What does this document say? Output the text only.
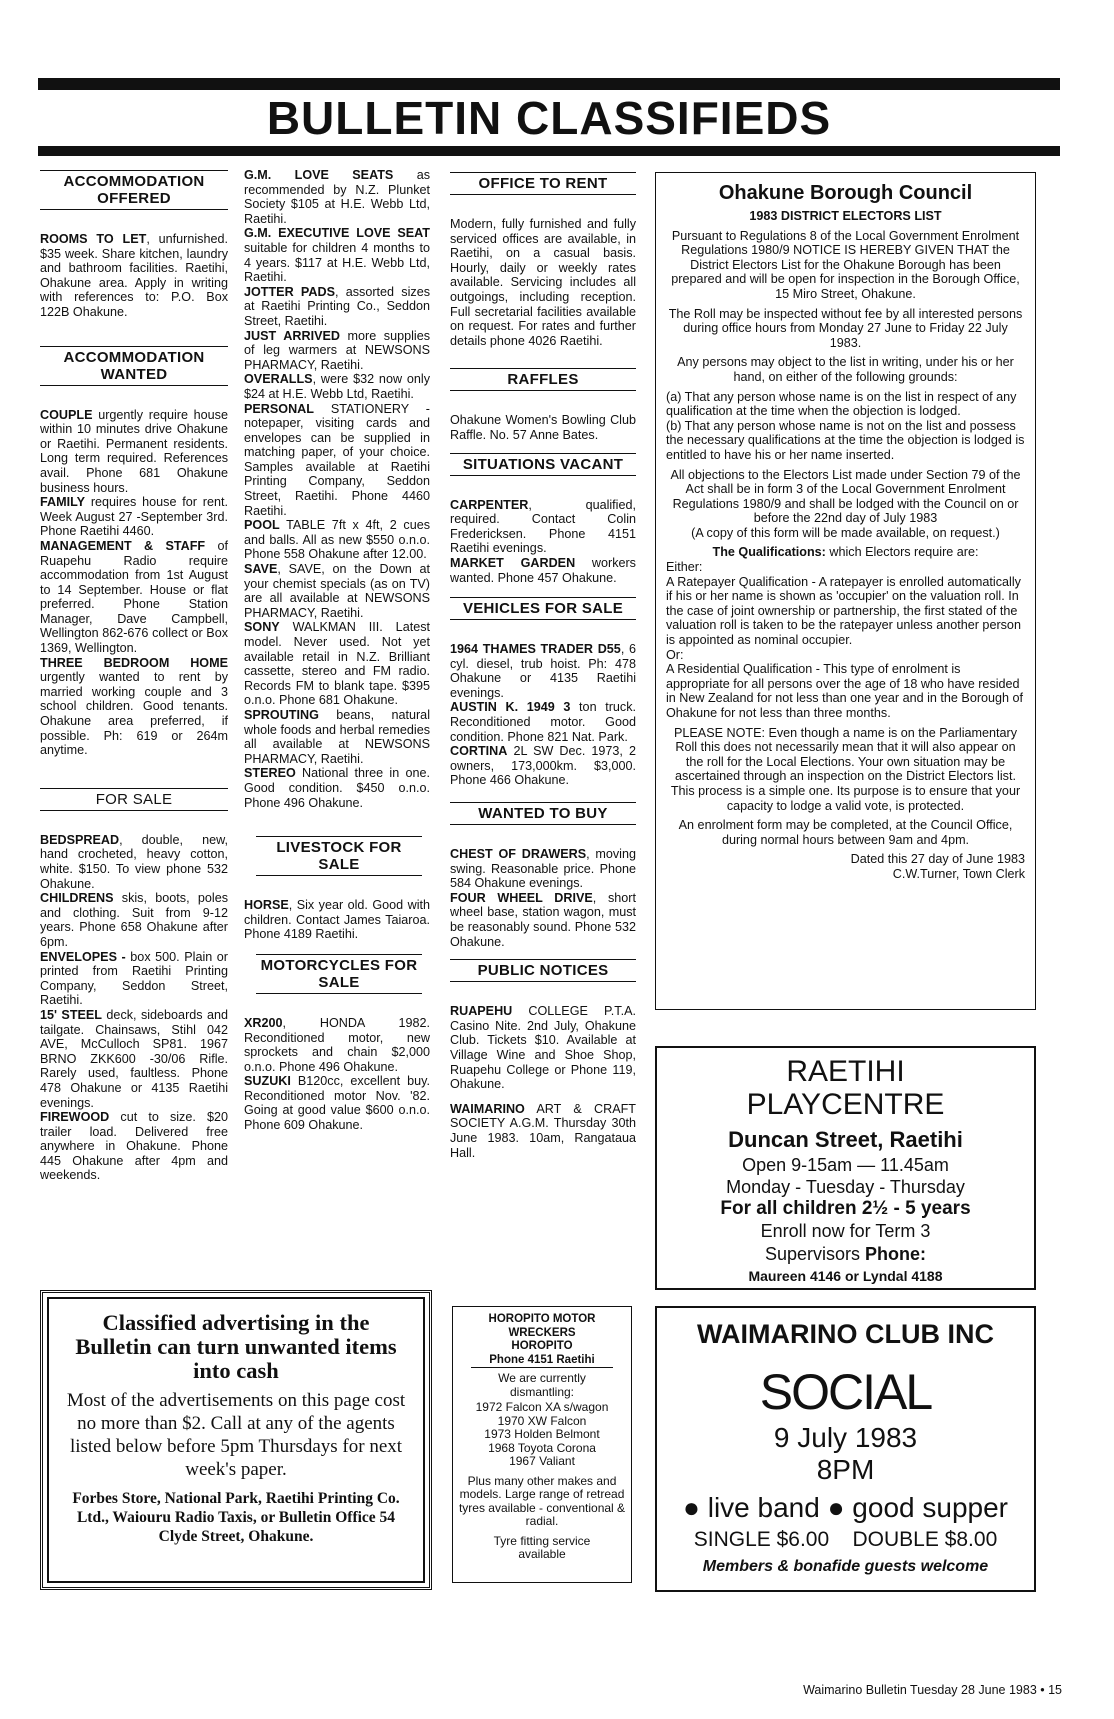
BULLETIN CLASSIFIEDS
ACCOMMODATION OFFERED

ROOMS TO LET, unfurnished. $35 week. Share kitchen, laundry and bathroom facilities. Raetihi, Ohakune area. Apply in writing with references to: P.O. Box 122B Ohakune.

ACCOMMODATION WANTED

COUPLE urgently require house within 10 minutes drive Ohakune or Raetihi. Permanent residents. Long term required. References avail. Phone 681 Ohakune business hours.

FAMILY requires house for rent. Week August 27 -September 3rd. Phone Raetihi 4460.

MANAGEMENT & STAFF of Ruapehu Radio require accommodation from 1st August to 14 September. House or flat preferred. Phone Station Manager, Dave Campbell, Wellington 862-676 collect or Box 1369, Wellington.

THREE BEDROOM HOME urgently wanted to rent by married working couple and 3 school children. Good tenants. Ohakune area preferred, if possible. Ph: 619 or 264m anytime.

FOR SALE

BEDSPREAD, double, new, hand crocheted, heavy cotton, white. $150. To view phone 532 Ohakune.

CHILDRENS skis, boots, poles and clothing. Suit from 9-12 years. Phone 658 Ohakune after 6pm.

ENVELOPES - box 500. Plain or printed from Raetihi Printing Company, Seddon Street, Raetihi.

15' STEEL deck, sideboards and tailgate. Chainsaws, Stihl 042 AVE, McCulloch SP81. 1967 BRNO ZKK600 -30/06 Rifle. Rarely used, faultless. Phone 478 Ohakune or 4135 Raetihi evenings.

FIREWOOD cut to size. $20 trailer load. Delivered free anywhere in Ohakune. Phone 445 Ohakune after 4pm and weekends.

G.M. LOVE SEATS as recommended by N.Z. Plunket Society $105 at H.E. Webb Ltd, Raetihi.

G.M. EXECUTIVE LOVE SEAT suitable for children 4 months to 4 years. $117 at H.E. Webb Ltd, Raetihi.

JOTTER PADS, assorted sizes at Raetihi Printing Co., Seddon Street, Raetihi.

JUST ARRIVED more supplies of leg warmers at NEWSONS PHARMACY, Raetihi.

OVERALLS, were $32 now only $24 at H.E. Webb Ltd, Raetihi.

PERSONAL STATIONERY -notepaper, visiting cards and envelopes can be supplied in matching paper, of your choice. Samples available at Raetihi Printing Company, Seddon Street, Raetihi. Phone 4460 Raetihi.

POOL TABLE 7ft x 4ft, 2 cues and balls. All as new $550 o.n.o. Phone 558 Ohakune after 12.00.

SAVE, SAVE, on the Down at your chemist specials (as on TV) are all available at NEWSONS PHARMACY, Raetihi.

SONY WALKMAN III. Latest model. Never used. Not yet available retail in N.Z. Brilliant cassette, stereo and FM radio. Records FM to blank tape. $395 o.n.o. Phone 681 Ohakune.

SPROUTING beans, natural whole foods and herbal remedies all available at NEWSONS PHARMACY, Raetihi.

STEREO National three in one. Good condition. $450 o.n.o. Phone 496 Ohakune.

LIVESTOCK FOR SALE

HORSE, Six year old. Good with children. Contact James Taiaroa. Phone 4189 Raetihi.

MOTORCYCLES FOR SALE

XR200, HONDA 1982. Reconditioned motor, new sprockets and chain $2,000 o.n.o. Phone 496 Ohakune.

SUZUKI B120cc, excellent buy. Reconditioned motor Nov. '82. Going at good value $600 o.n.o. Phone 609 Ohakune.

OFFICE TO RENT

Modern, fully furnished and fully serviced offices are available, in Raetihi, on a casual basis. Hourly, daily or weekly rates available. Servicing includes all outgoings, including reception. Full secretarial facilities available on request. For rates and further details phone 4026 Raetihi.

RAFFLES

Ohakune Women's Bowling Club Raffle. No. 57 Anne Bates.

SITUATIONS VACANT

CARPENTER, qualified, required. Contact Colin Fredericksen. Phone 4151 Raetihi evenings.

MARKET GARDEN workers wanted. Phone 457 Ohakune.

VEHICLES FOR SALE

1964 THAMES TRADER D55, 6 cyl. diesel, trub hoist. Ph: 478 Ohakune or 4135 Raetihi evenings.

AUSTIN K. 1949 3 ton truck. Reconditioned motor. Good condition. Phone 821 Nat. Park.

CORTINA 2L SW Dec. 1973, 2 owners, 173,000km. $3,000. Phone 466 Ohakune.

WANTED TO BUY

CHEST OF DRAWERS, moving swing. Reasonable price. Phone 584 Ohakune evenings.

FOUR WHEEL DRIVE, short wheel base, station wagon, must be reasonably sound. Phone 532 Ohakune.

PUBLIC NOTICES

RUAPEHU COLLEGE P.T.A. Casino Nite. 2nd July, Ohakune Club. Tickets $10. Available at Village Wine and Shoe Shop, Ruapehu College or Phone 119, Ohakune.

WAIMARINO ART & CRAFT SOCIETY A.G.M. Thursday 30th June 1983. 10am, Rangataua Hall.

Ohakune Borough Council
1983 DISTRICT ELECTORS LIST

Pursuant to Regulations 8 of the Local Government Enrolment Regulations 1980/9 NOTICE IS HEREBY GIVEN THAT the District Electors List for the Ohakune Borough has been prepared and will be open for inspection in the Borough Office, 15 Miro Street, Ohakune.

The Roll may be inspected without fee by all interested persons during office hours from Monday 27 June to Friday 22 July 1983.

Any persons may object to the list in writing, under his or her hand, on either of the following grounds:

(a) That any person whose name is on the list in respect of any qualification at the time when the objection is lodged.

(b) That any person whose name is not on the list and possess the necessary qualifications at the time the objection is lodged is entitled to have his or her name inserted.

All objections to the Electors List made under Section 79 of the Act shall be in form 3 of the Local Government Enrolment Regulations 1980/9 and shall be lodged with the Council on or before the 22nd day of July 1983

(A copy of this form will be made available, on request.)

The Qualifications: which Electors require are:

Either:

A Ratepayer Qualification - A ratepayer is enrolled automatically if his or her name is shown as 'occupier' on the valuation roll. In the case of joint ownership or partnership, the first stated of the valuation roll is taken to be the ratepayer unless another person is appointed as nominal occupier.

Or:

A Residential Qualification - This type of enrolment is appropriate for all persons over the age of 18 who have resided in New Zealand for not less than one year and in the Borough of Ohakune for not less than three months.

PLEASE NOTE: Even though a name is on the Parliamentary Roll this does not necessarily mean that it will also appear on the roll for the Local Elections. Your own situation may be ascertained through an inspection on the District Electors list. This process is a simple one. Its purpose is to ensure that your capacity to lodge a valid vote, is protected.

An enrolment form may be completed, at the Council Office, during normal hours between 9am and 4pm.

Dated this 27 day of June 1983
C.W.Turner, Town Clerk
RAETIHI
PLAYCENTRE
Duncan Street, Raetihi
Open 9-15am — 11.45am
Monday - Tuesday - Thursday
For all children 2½ - 5 years
Enroll now for Term 3
Supervisors Phone:
Maureen 4146 or Lyndal 4188
Classified advertising in the Bulletin can turn unwanted items into cash
Most of the advertisements on this page cost no more than $2. Call at any of the agents listed below before 5pm Thursdays for next week's paper.
Forbes Store, National Park, Raetihi Printing Co. Ltd., Waiouru Radio Taxis, or Bulletin Office 54 Clyde Street, Ohakune.
HOROPITO MOTOR WRECKERS
HOROPITO
Phone 4151 Raetihi
We are currently dismantling:
1972 Falcon XA s/wagon
1970 XW Falcon
1973 Holden Belmont
1968 Toyota Corona
1967 Valiant
Plus many other makes and models. Large range of retread tyres available - conventional & radial.
Tyre fitting service available
WAIMARINO CLUB INC
SOCIAL
9 July 1983
8PM
● live band ● good supper
SINGLE $6.00 DOUBLE $8.00
Members & bonafide guests welcome
Waimarino Bulletin Tuesday 28 June 1983 • 15
